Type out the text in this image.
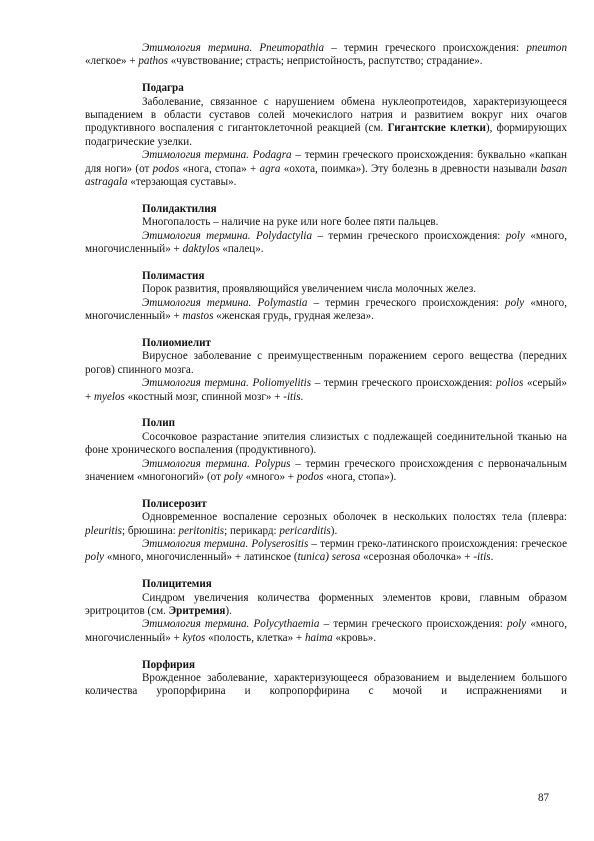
Этимология термина. Pneumopathia – термин греческого происхождения: pneumon «легкое» + pathos «чувствование; страсть; непристойность, распутство; страдание».

Подагра

Заболевание, связанное с нарушением обмена нуклеопротеидов, характеризующееся выпадением в области суставов солей мочекислого натрия и развитием вокруг них очагов продуктивного воспаления с гигантоклеточной реакцией (см. Гигантские клетки), формирующих подагрические узелки.

Этимология термина. Podagra – термин греческого происхождения: буквально «капкан для ноги» (от podos «нога, стопа» + agra «охота, поимка»). Эту болезнь в древности называли basan astragala «терзающая суставы».

Полидактилия

Многопалость – наличие на руке или ноге более пяти пальцев.

Этимология термина. Polydactylia – термин греческого происхождения: poly «много, многочисленный» + daktylos «палец».

Полимастия

Порок развития, проявляющийся увеличением числа молочных желез.

Этимология термина. Polymastia – термин греческого происхождения: poly «много, многочисленный» + mastos «женская грудь, грудная железа».

Полиомиелит

Вирусное заболевание с преимущественным поражением серого вещества (передних рогов) спинного мозга.

Этимология термина. Poliomyelitis – термин греческого происхождения: polios «серый» + myelos «костный мозг, спинной мозг» + -itis.

Полип

Сосочковое разрастание эпителия слизистых с подлежащей соединительной тканью на фоне хронического воспаления (продуктивного).

Этимология термина. Polypus – термин греческого происхождения с первоначальным значением «многоногий» (от poly «много» + podos «нога, стопа»).

Полисерозит

Одновременное воспаление серозных оболочек в нескольких полостях тела (плевра: pleuritis; брюшина: peritonitis; перикард: pericarditis).

Этимология термина. Polyserositis – термин греко-латинского происхождения: греческое poly «много, многочисленный» + латинское (tunica) serosa «серозная оболочка» + -itis.

Полицитемия

Синдром увеличения количества форменных элементов крови, главным образом эритроцитов (см. Эритремия).

Этимология термина. Polycythaemia – термин греческого происхождения: poly «много, многочисленный» + kytos «полость, клетка» + haima «кровь».

Порфирия

Врожденное заболевание, характеризующееся образованием и выделением большого количества уропорфирина и копропорфирина с мочой и испражнениями и

87
